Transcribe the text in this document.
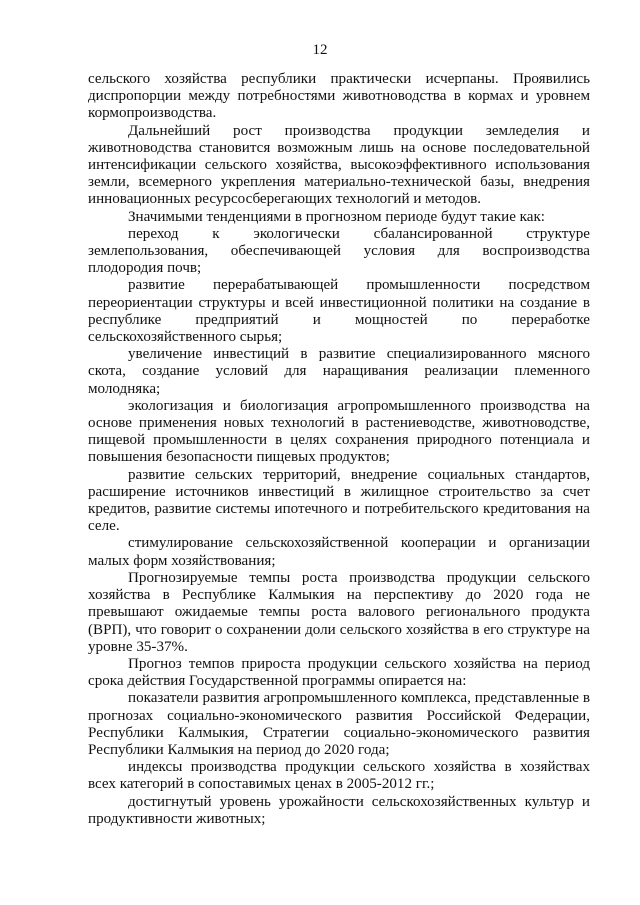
12

сельского хозяйства республики практически исчерпаны. Проявились диспропорции между потребностями животноводства в кормах и уровнем кормопроизводства.

Дальнейший рост производства продукции земледелия и животноводства становится возможным лишь на основе последовательной интенсификации сельского хозяйства, высокоэффективного использования земли, всемерного укрепления материально-технической базы, внедрения инновационных ресурсосберегающих технологий и методов.

Значимыми тенденциями в прогнозном периоде будут такие как:

переход к экологически сбалансированной структуре землепользования, обеспечивающей условия для воспроизводства плодородия почв;

развитие перерабатывающей промышленности посредством переориентации структуры и всей инвестиционной политики на создание в республике предприятий и мощностей по переработке сельскохозяйственного сырья;

увеличение инвестиций в развитие специализированного мясного скота, создание условий для наращивания реализации племенного молодняка;

экологизация и биологизация агропромышленного производства на основе применения новых технологий в растениеводстве, животноводстве, пищевой промышленности в целях сохранения природного потенциала и повышения безопасности пищевых продуктов;

развитие сельских территорий, внедрение социальных стандартов, расширение источников инвестиций в жилищное строительство за счет кредитов, развитие системы ипотечного и потребительского кредитования на селе.

стимулирование сельскохозяйственной кооперации и организации малых форм хозяйствования;

Прогнозируемые темпы роста производства продукции сельского хозяйства в Республике Калмыкия на перспективу до 2020 года не превышают ожидаемые темпы роста валового регионального продукта (ВРП), что говорит о сохранении доли сельского хозяйства в его структуре на уровне 35-37%.

Прогноз темпов прироста продукции сельского хозяйства на период срока действия Государственной программы опирается на:

показатели развития агропромышленного комплекса, представленные в прогнозах социально-экономического развития Российской Федерации, Республики Калмыкия, Стратегии социально-экономического развития Республики Калмыкия на период до 2020 года;

индексы производства продукции сельского хозяйства в хозяйствах всех категорий в сопоставимых ценах в 2005-2012 гг.;

достигнутый уровень урожайности сельскохозяйственных культур и продуктивности животных;
